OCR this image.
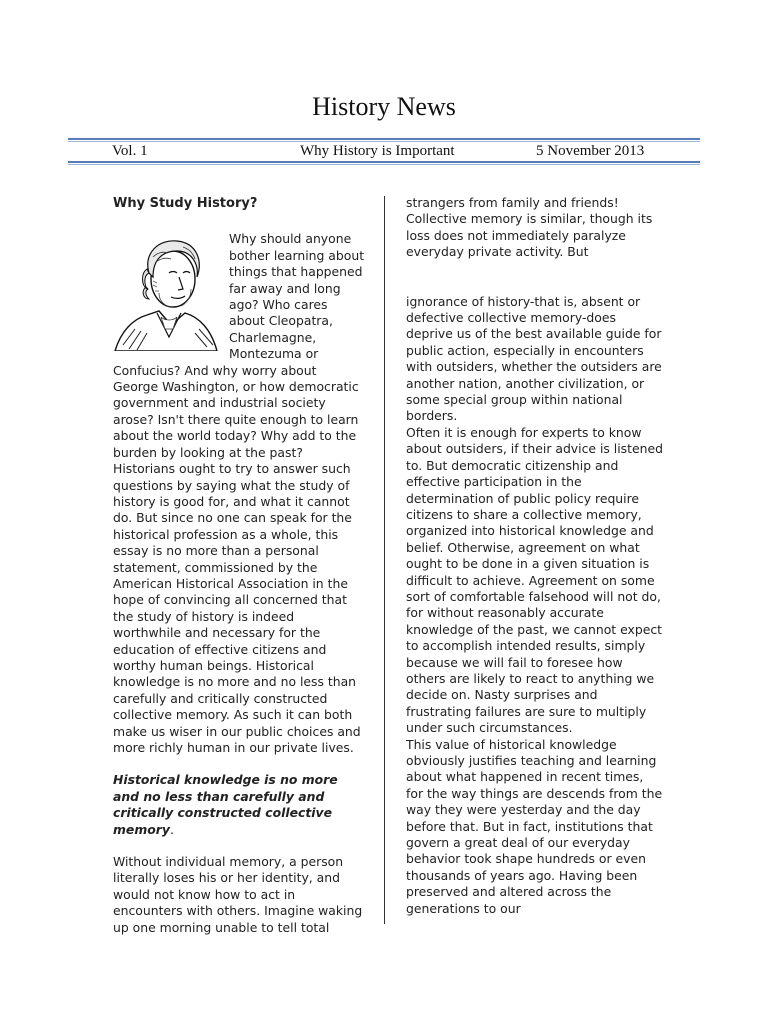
History News
Vol. 1	Why History is Important	5 November 2013

Why Study History?

Why should anyone bother learning about things that happened far away and long ago? Who cares about Cleopatra, Charlemagne, Montezuma or Confucius? And why worry about George Washington, or how democratic government and industrial society arose? Isn't there quite enough to learn about the world today? Why add to the burden by looking at the past? Historians ought to try to answer such questions by saying what the study of history is good for, and what it cannot do. But since no one can speak for the historical profession as a whole, this essay is no more than a personal statement, commissioned by the American Historical Association in the hope of convincing all concerned that the study of history is indeed worthwhile and necessary for the education of effective citizens and worthy human beings. Historical knowledge is no more and no less than carefully and critically constructed collective memory. As such it can both make us wiser in our public choices and more richly human in our private lives.

Historical knowledge is no more and no less than carefully and critically constructed collective memory.

Without individual memory, a person literally loses his or her identity, and would not know how to act in encounters with others. Imagine waking up one morning unable to tell total

strangers from family and friends! Collective memory is similar, though its loss does not immediately paralyze everyday private activity. But

ignorance of history-that is, absent or defective collective memory-does deprive us of the best available guide for public action, especially in encounters with outsiders, whether the outsiders are another nation, another civilization, or some special group within national borders.

Often it is enough for experts to know about outsiders, if their advice is listened to. But democratic citizenship and effective participation in the determination of public policy require citizens to share a collective memory, organized into historical knowledge and belief. Otherwise, agreement on what ought to be done in a given situation is difficult to achieve. Agreement on some sort of comfortable falsehood will not do, for without reasonably accurate knowledge of the past, we cannot expect to accomplish intended results, simply because we will fail to foresee how others are likely to react to anything we decide on. Nasty surprises and frustrating failures are sure to multiply under such circumstances.

This value of historical knowledge obviously justifies teaching and learning about what happened in recent times, for the way things are descends from the way they were yesterday and the day before that. But in fact, institutions that govern a great deal of our everyday behavior took shape hundreds or even thousands of years ago. Having been preserved and altered across the generations to our
